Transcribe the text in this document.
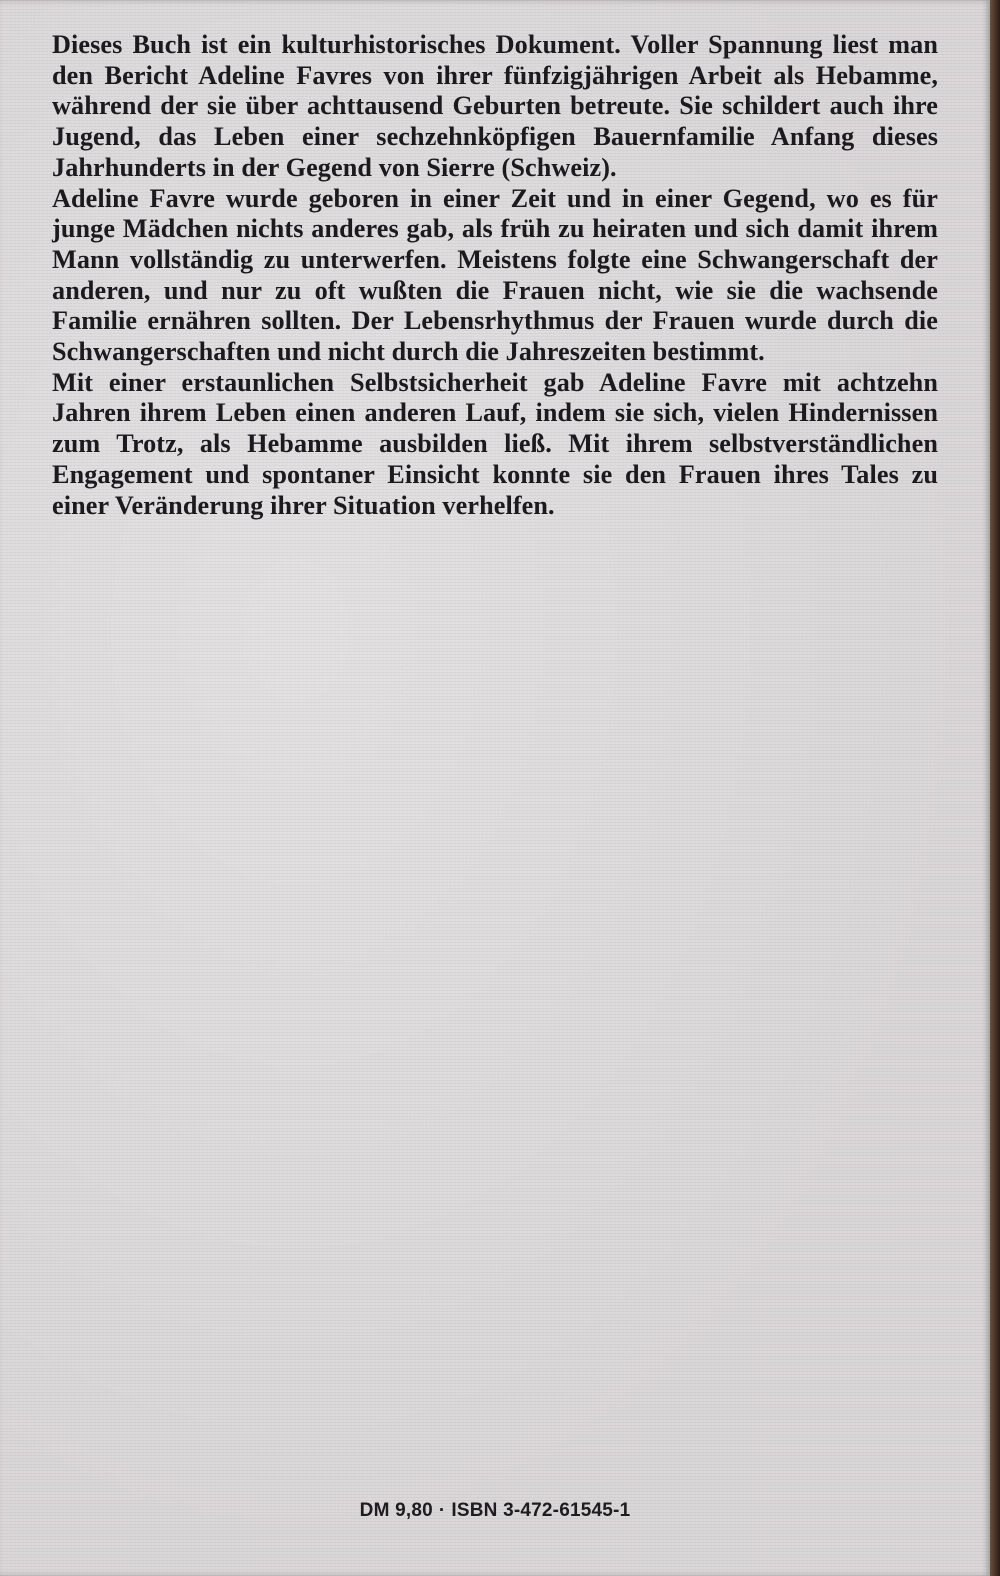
Dieses Buch ist ein kulturhistorisches Dokument. Voller Spannung liest man den Bericht Adeline Favres von ihrer fünfzigjährigen Arbeit als Hebamme, während der sie über achttausend Geburten betreute. Sie schildert auch ihre Jugend, das Leben einer sechzehnköpfigen Bauernfamilie Anfang dieses Jahrhunderts in der Gegend von Sierre (Schweiz).

Adeline Favre wurde geboren in einer Zeit und in einer Gegend, wo es für junge Mädchen nichts anderes gab, als früh zu heiraten und sich damit ihrem Mann vollständig zu unterwerfen. Meistens folgte eine Schwangerschaft der anderen, und nur zu oft wußten die Frauen nicht, wie sie die wachsende Familie ernähren sollten. Der Lebensrhythmus der Frauen wurde durch die Schwangerschaften und nicht durch die Jahreszeiten bestimmt.

Mit einer erstaunlichen Selbstsicherheit gab Adeline Favre mit achtzehn Jahren ihrem Leben einen anderen Lauf, indem sie sich, vielen Hindernissen zum Trotz, als Hebamme ausbilden ließ. Mit ihrem selbstverständlichen Engagement und spontaner Einsicht konnte sie den Frauen ihres Tales zu einer Veränderung ihrer Situation verhelfen.

DM 9,80 · ISBN 3-472-61545-1
